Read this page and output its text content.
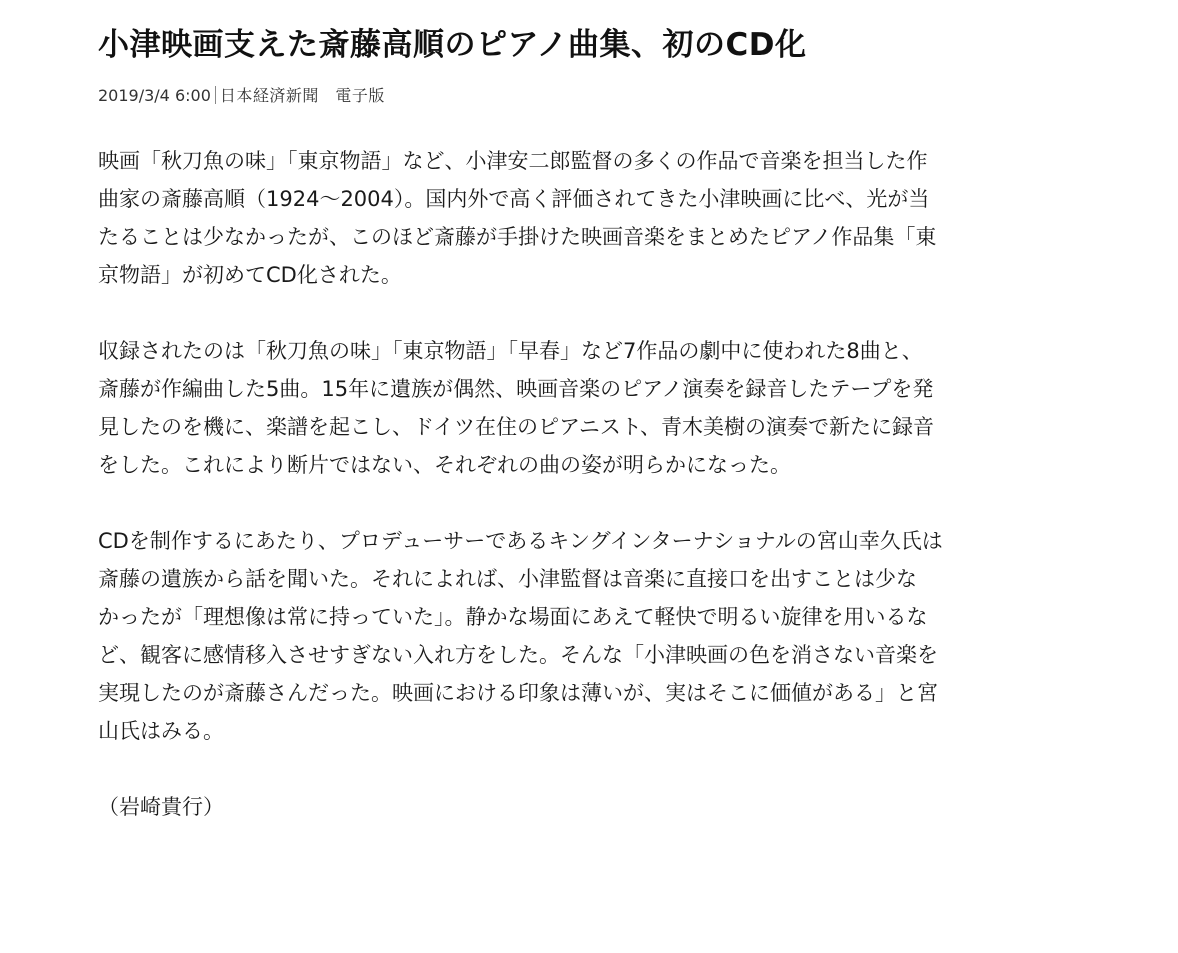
小津映画支えた斎藤高順のピアノ曲集、初のCD化
2019/3/4 6:00 日本経済新聞　電子版

映画「秋刀魚の味」「東京物語」など、小津安二郎監督の多くの作品で音楽を担当した作
曲家の斎藤高順（1924～2004）。国内外で高く評価されてきた小津映画に比べ、光が当
たることは少なかったが、このほど斎藤が手掛けた映画音楽をまとめたピアノ作品集「東
京物語」が初めてCD化された。

収録されたのは「秋刀魚の味」「東京物語」「早春」など7作品の劇中に使われた8曲と、
斎藤が作編曲した5曲。15年に遺族が偶然、映画音楽のピアノ演奏を録音したテープを発
見したのを機に、楽譜を起こし、ドイツ在住のピアニスト、青木美樹の演奏で新たに録音
をした。これにより断片ではない、それぞれの曲の姿が明らかになった。

CDを制作するにあたり、プロデューサーであるキングインターナショナルの宮山幸久氏は
斎藤の遺族から話を聞いた。それによれば、小津監督は音楽に直接口を出すことは少な
かったが「理想像は常に持っていた」。静かな場面にあえて軽快で明るい旋律を用いるな
ど、観客に感情移入させすぎない入れ方をした。そんな「小津映画の色を消さない音楽を
実現したのが斎藤さんだった。映画における印象は薄いが、実はそこに価値がある」と宮
山氏はみる。

（岩崎貴行）
